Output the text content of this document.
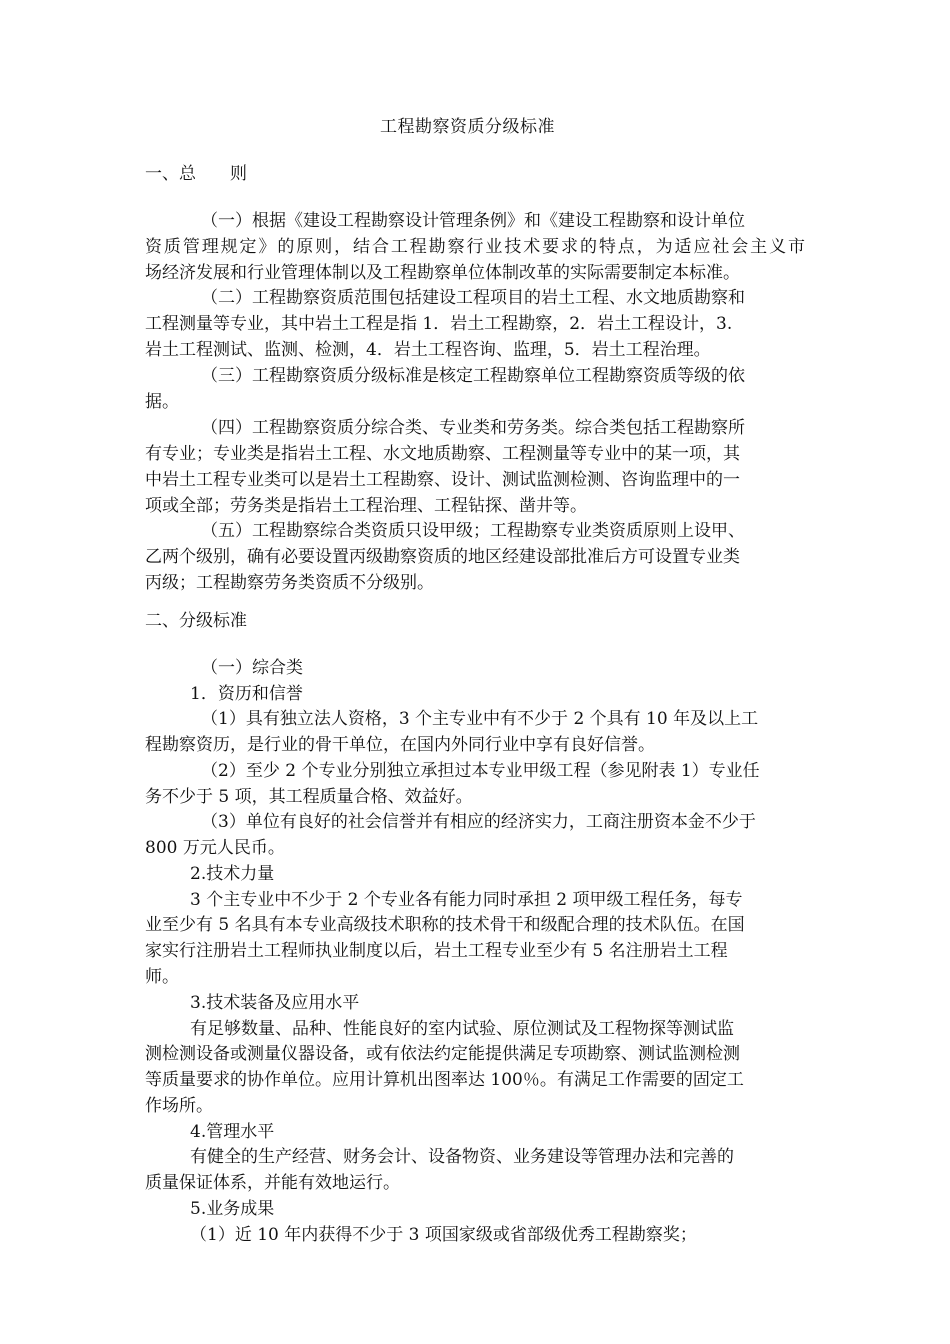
工程勘察资质分级标准
一、总　　则
（一）根据《建设工程勘察设计管理条例》和《建设工程勘察和设计单位
资质管理规定》的原则，结合工程勘察行业技术要求的特点，为适应社会主义市
场经济发展和行业管理体制以及工程勘察单位体制改革的实际需要制定本标准。
（二）工程勘察资质范围包括建设工程项目的岩土工程、水文地质勘察和
工程测量等专业，其中岩土工程是指 1．岩土工程勘察，2．岩土工程设计，3.
岩土工程测试、监测、检测，4．岩土工程咨询、监理，5．岩土工程治理。
（三）工程勘察资质分级标准是核定工程勘察单位工程勘察资质等级的依
据。
（四）工程勘察资质分综合类、专业类和劳务类。综合类包括工程勘察所
有专业；专业类是指岩土工程、水文地质勘察、工程测量等专业中的某一项，其
中岩土工程专业类可以是岩土工程勘察、设计、测试监测检测、咨询监理中的一
项或全部；劳务类是指岩土工程治理、工程钻探、凿井等。
（五）工程勘察综合类资质只设甲级；工程勘察专业类资质原则上设甲、
乙两个级别，确有必要设置丙级勘察资质的地区经建设部批准后方可设置专业类
丙级；工程勘察劳务类资质不分级别。
二、分级标准
（一）综合类
1．资历和信誉
（1）具有独立法人资格，3 个主专业中有不少于 2 个具有 10 年及以上工
程勘察资历，是行业的骨干单位，在国内外同行业中享有良好信誉。
（2）至少 2 个专业分别独立承担过本专业甲级工程（参见附表 1）专业任
务不少于 5 项，其工程质量合格、效益好。
（3）单位有良好的社会信誉并有相应的经济实力，工商注册资本金不少于
800 万元人民币。
2.技术力量
3 个主专业中不少于 2 个专业各有能力同时承担 2 项甲级工程任务，每专
业至少有 5 名具有本专业高级技术职称的技术骨干和级配合理的技术队伍。在国
家实行注册岩土工程师执业制度以后，岩土工程专业至少有 5 名注册岩土工程
师。
3.技术装备及应用水平
有足够数量、品种、性能良好的室内试验、原位测试及工程物探等测试监
测检测设备或测量仪器设备，或有依法约定能提供满足专项勘察、测试监测检测
等质量要求的协作单位。应用计算机出图率达 100％。有满足工作需要的固定工
作场所。
4.管理水平
有健全的生产经营、财务会计、设备物资、业务建设等管理办法和完善的
质量保证体系，并能有效地运行。
5.业务成果
（1）近 10 年内获得不少于 3 项国家级或省部级优秀工程勘察奖；
